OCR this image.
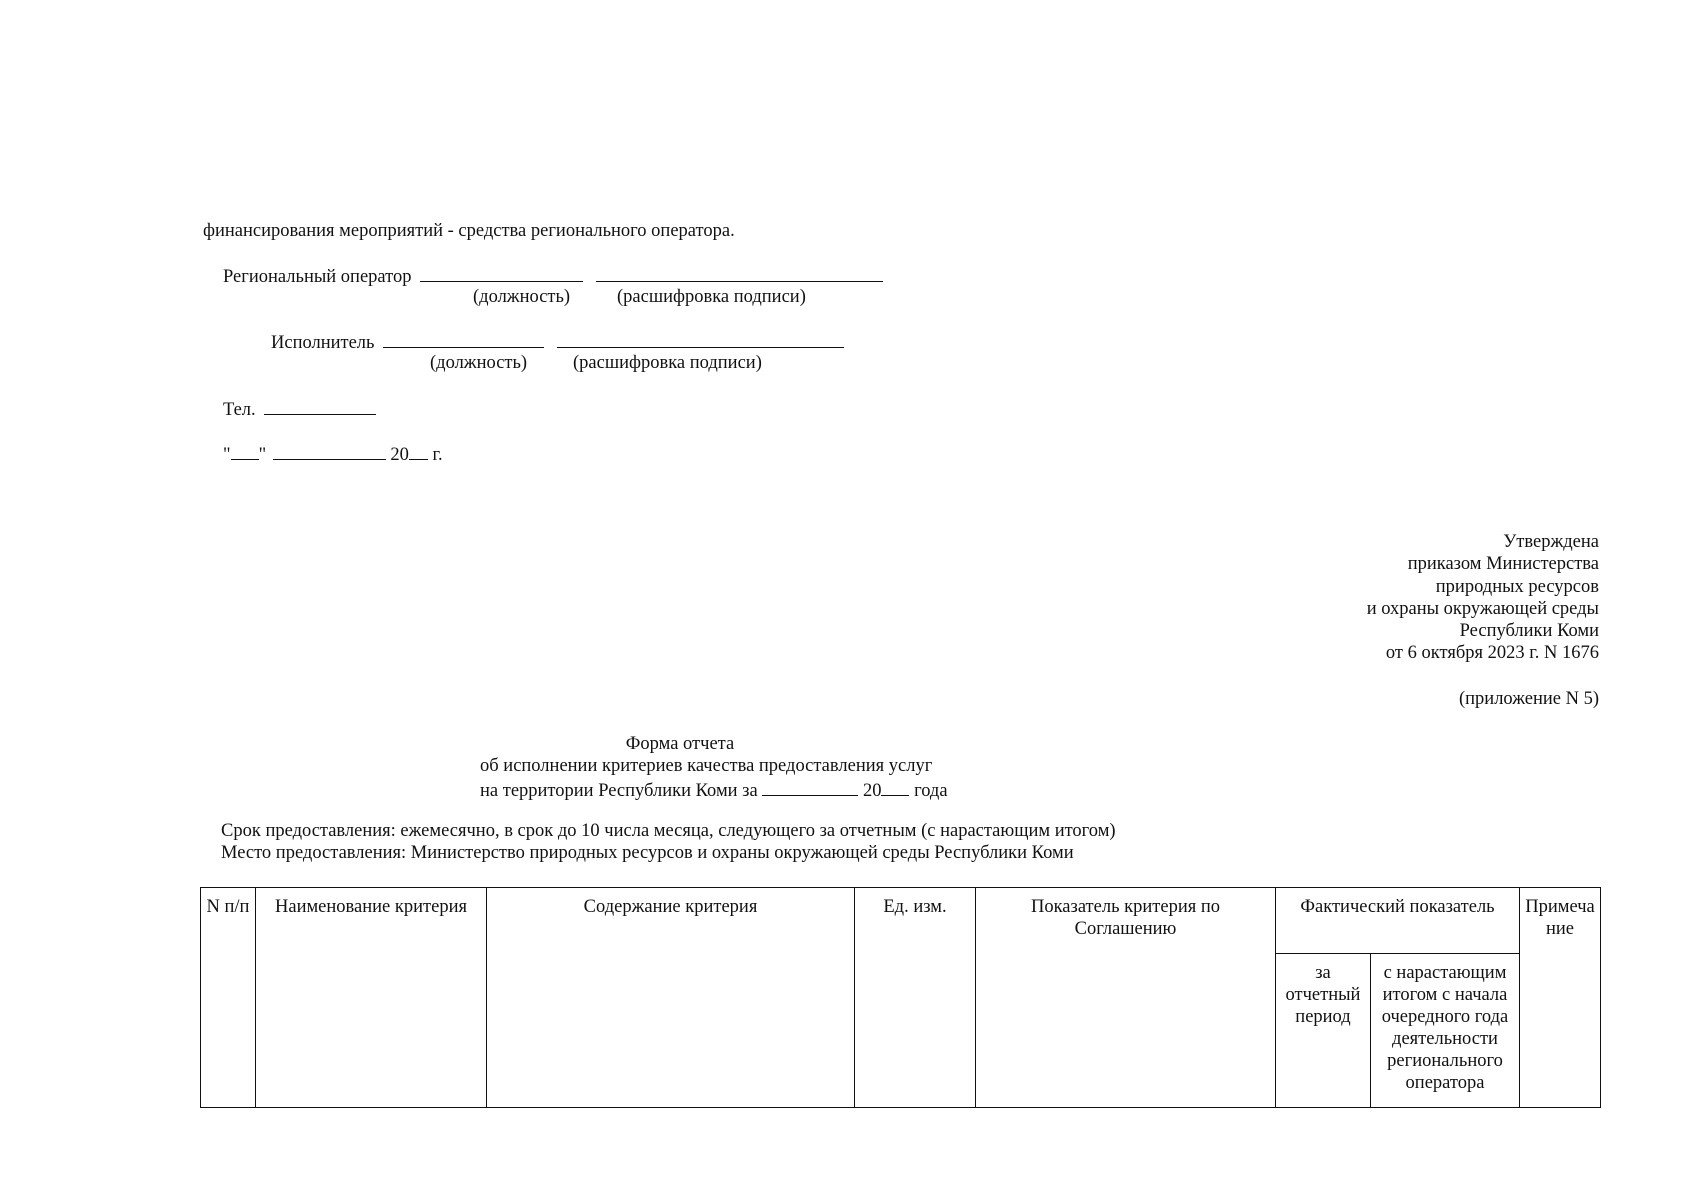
финансирования мероприятий - средства регионального оператора.
Региональный оператор
(должность)	(расшифровка подписи)
Исполнитель
(должность) (расшифровка подписи)
Тел.
" "	20 г.
Утверждена
приказом Министерства
природных ресурсов
и охраны окружающей среды
Республики Коми
от 6 октября 2023 г. N 1676
(приложение N 5)
Форма отчета
об исполнении критериев качества предоставления услуг
на территории Республики Коми за	20 года
Срок предоставления: ежемесячно, в срок до 10 числа месяца, следующего за отчетным (с нарастающим итогом)
Место предоставления: Министерство природных ресурсов и охраны окружающей среды Республики Коми
N п/п	Наименование критерия	Содержание критерия	Ед. изм.	Показатель критерия по Соглашению	Фактический показатель		Примечание
					за отчетный период	с нарастающим итогом с начала очередного года деятельности регионального оператора	
